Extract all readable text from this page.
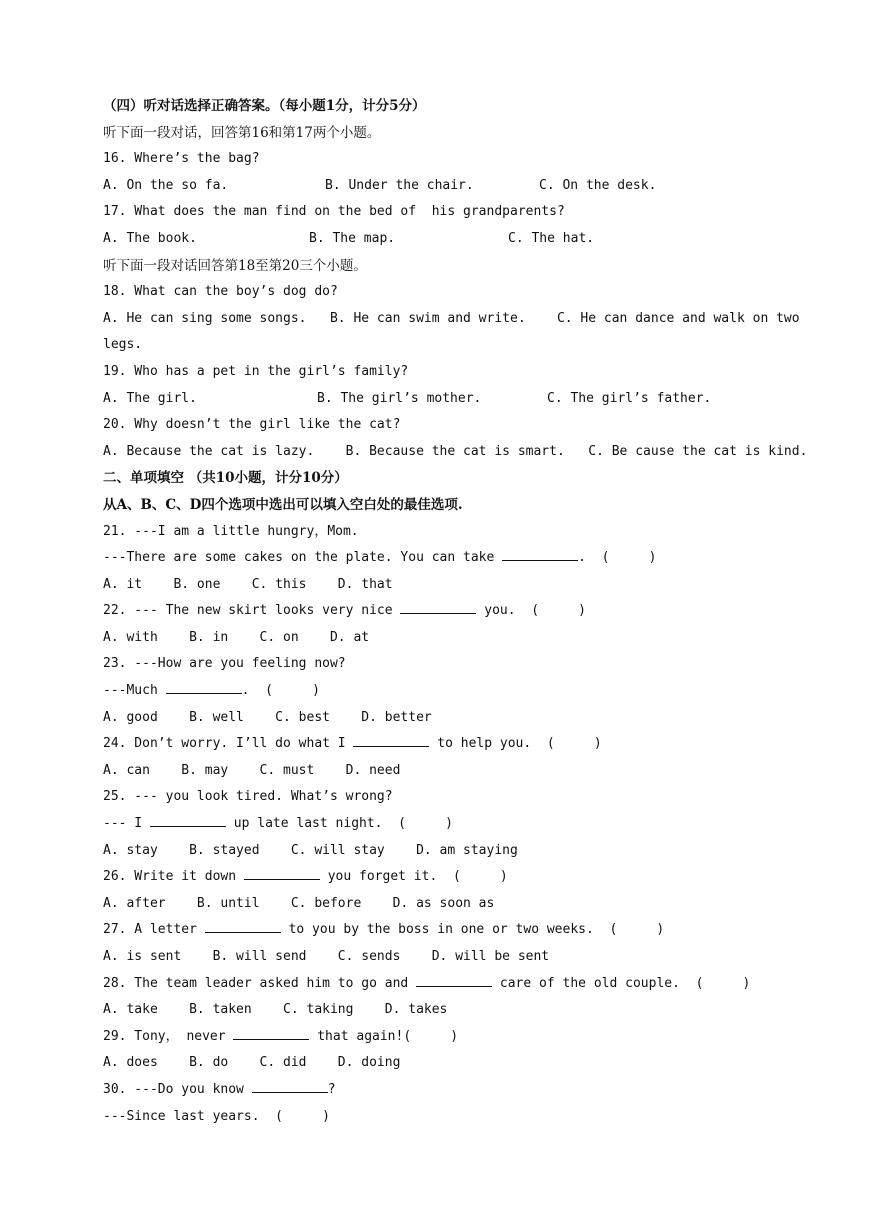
（四）听对话选择正确答案。（每小题1分，计分5分）
听下面一段对话，回答第16和第17两个小题。
16. Where’s the bag?
A. On the so fa.	B. Under the chair.	C. On the desk.
17. What does the man find on the bed of  his grandparents?
A. The book.	B. The map.	C. The hat.
听下面一段对话回答第18至第20三个小题。
18. What can the boy’s dog do?
A. He can sing some songs.   B. He can swim and write.    C. He can dance and walk on two
legs.
19. Who has a pet in the girl’s family?
A. The girl.	B. The girl’s mother.	C. The girl’s father.
20. Why doesn’t the girl like the cat?
A. Because the cat is lazy.    B. Because the cat is smart.   C. Be cause the cat is kind.
二、单项填空 （共10小题，计分10分）
从A、B、C、D四个选项中选出可以填入空白处的最佳选项.
21. ---I am a little hungry，Mom.
---There are some cakes on the plate. You can take	.  (     )
A. it    B. one    C. this    D. that
22. --- The new skirt looks very nice	you.  (     )
A. with    B. in    C. on    D. at
23. ---How are you feeling now?
---Much	.  (     )
A. good    B. well    C. best    D. better
24. Don’t worry. I’ll do what I	to help you.  (     )
A. can    B. may    C. must    D. need
25. --- you look tired. What’s wrong?
--- I	up late last night.  (     )
A. stay    B. stayed    C. will stay    D. am staying
26. Write it down	you forget it.  (     )
A. after    B. until    C. before    D. as soon as
27. A letter	to you by the boss in one or two weeks.  (     )
A. is sent    B. will send    C. sends    D. will be sent
28. The team leader asked him to go and	care of the old couple.  (     )
A. take    B. taken    C. taking    D. takes
29. Tony， never	that again!(     )
A. does    B. do    C. did    D. doing
30. ---Do you know	?
---Since last years.  (     )
